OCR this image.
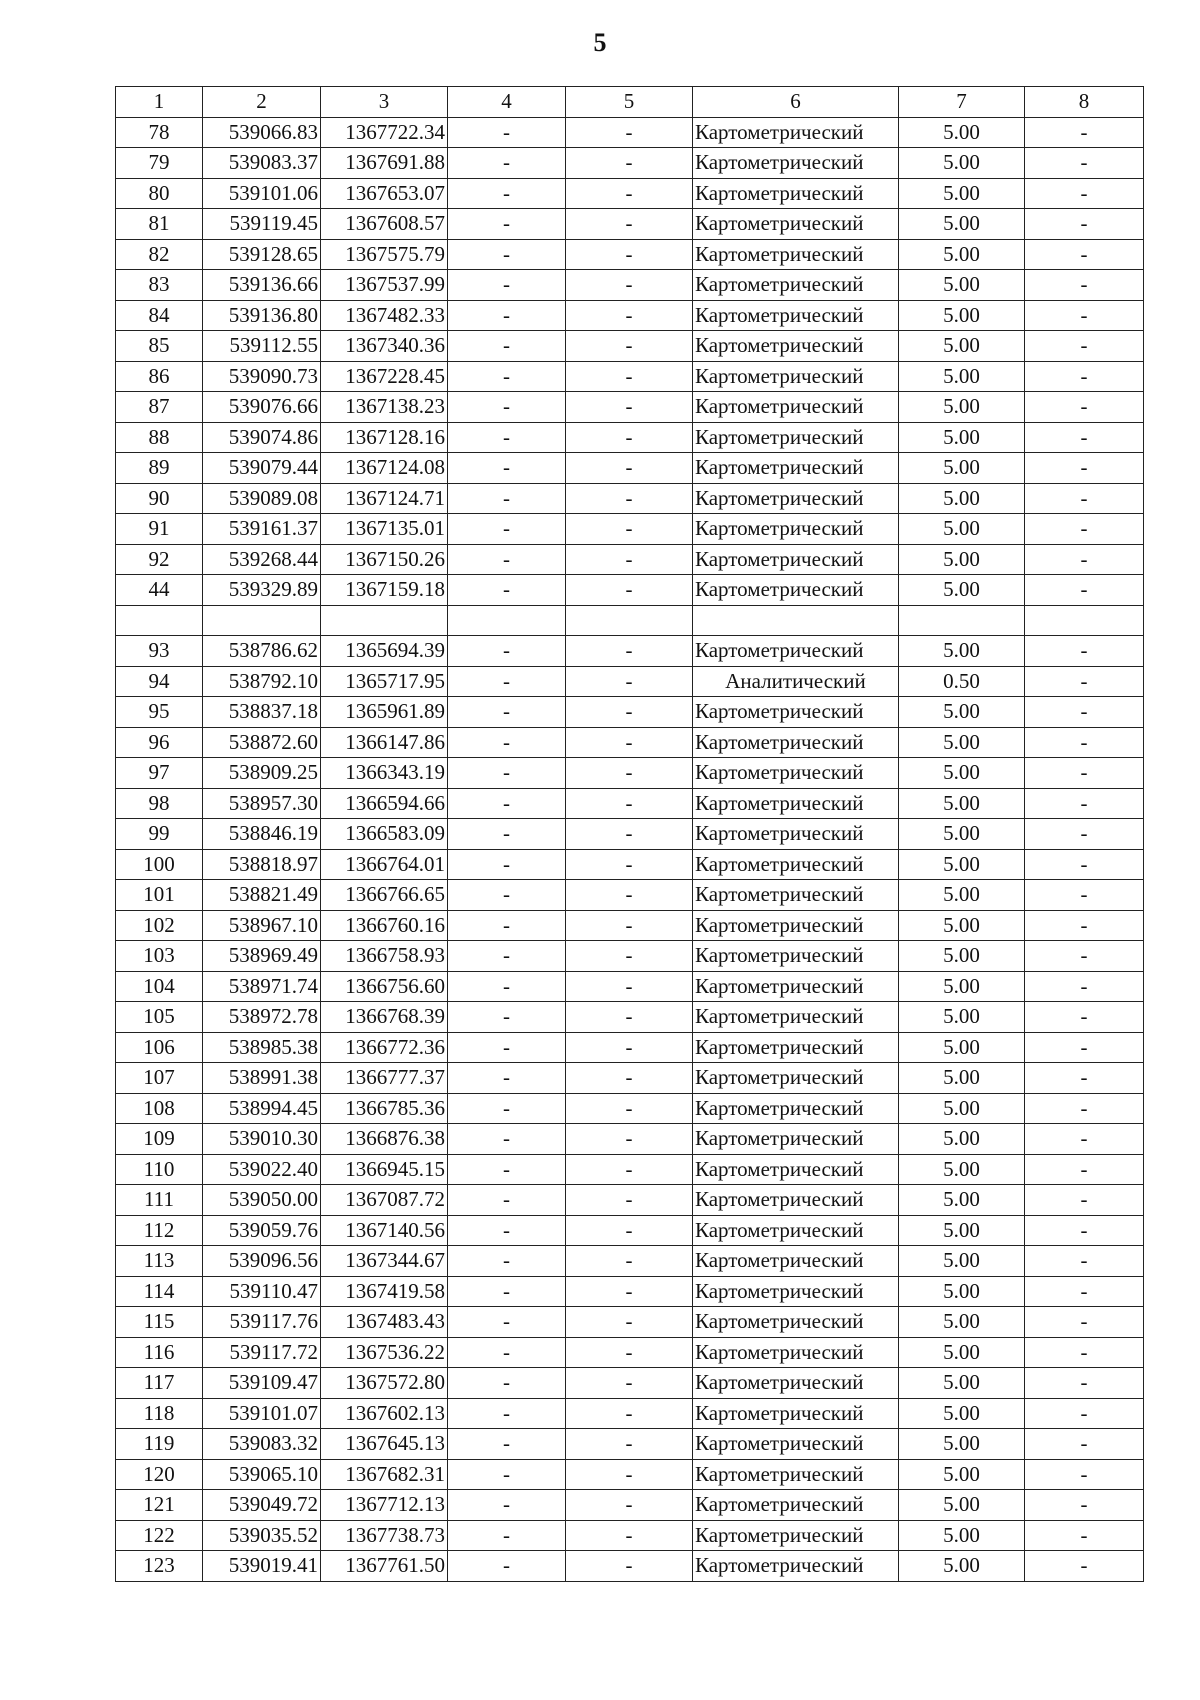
5
1	2	3	4	5	6	7	8
78	539066.83	1367722.34	-	-	Картометрический	5.00	-
79	539083.37	1367691.88	-	-	Картометрический	5.00	-
80	539101.06	1367653.07	-	-	Картометрический	5.00	-
81	539119.45	1367608.57	-	-	Картометрический	5.00	-
82	539128.65	1367575.79	-	-	Картометрический	5.00	-
83	539136.66	1367537.99	-	-	Картометрический	5.00	-
84	539136.80	1367482.33	-	-	Картометрический	5.00	-
85	539112.55	1367340.36	-	-	Картометрический	5.00	-
86	539090.73	1367228.45	-	-	Картометрический	5.00	-
87	539076.66	1367138.23	-	-	Картометрический	5.00	-
88	539074.86	1367128.16	-	-	Картометрический	5.00	-
89	539079.44	1367124.08	-	-	Картометрический	5.00	-
90	539089.08	1367124.71	-	-	Картометрический	5.00	-
91	539161.37	1367135.01	-	-	Картометрический	5.00	-
92	539268.44	1367150.26	-	-	Картометрический	5.00	-
44	539329.89	1367159.18	-	-	Картометрический	5.00	-

93	538786.62	1365694.39	-	-	Картометрический	5.00	-
94	538792.10	1365717.95	-	-	Аналитический	0.50	-
95	538837.18	1365961.89	-	-	Картометрический	5.00	-
96	538872.60	1366147.86	-	-	Картометрический	5.00	-
97	538909.25	1366343.19	-	-	Картометрический	5.00	-
98	538957.30	1366594.66	-	-	Картометрический	5.00	-
99	538846.19	1366583.09	-	-	Картометрический	5.00	-
100	538818.97	1366764.01	-	-	Картометрический	5.00	-
101	538821.49	1366766.65	-	-	Картометрический	5.00	-
102	538967.10	1366760.16	-	-	Картометрический	5.00	-
103	538969.49	1366758.93	-	-	Картометрический	5.00	-
104	538971.74	1366756.60	-	-	Картометрический	5.00	-
105	538972.78	1366768.39	-	-	Картометрический	5.00	-
106	538985.38	1366772.36	-	-	Картометрический	5.00	-
107	538991.38	1366777.37	-	-	Картометрический	5.00	-
108	538994.45	1366785.36	-	-	Картометрический	5.00	-
109	539010.30	1366876.38	-	-	Картометрический	5.00	-
110	539022.40	1366945.15	-	-	Картометрический	5.00	-
111	539050.00	1367087.72	-	-	Картометрический	5.00	-
112	539059.76	1367140.56	-	-	Картометрический	5.00	-
113	539096.56	1367344.67	-	-	Картометрический	5.00	-
114	539110.47	1367419.58	-	-	Картометрический	5.00	-
115	539117.76	1367483.43	-	-	Картометрический	5.00	-
116	539117.72	1367536.22	-	-	Картометрический	5.00	-
117	539109.47	1367572.80	-	-	Картометрический	5.00	-
118	539101.07	1367602.13	-	-	Картометрический	5.00	-
119	539083.32	1367645.13	-	-	Картометрический	5.00	-
120	539065.10	1367682.31	-	-	Картометрический	5.00	-
121	539049.72	1367712.13	-	-	Картометрический	5.00	-
122	539035.52	1367738.73	-	-	Картометрический	5.00	-
123	539019.41	1367761.50	-	-	Картометрический	5.00	-
